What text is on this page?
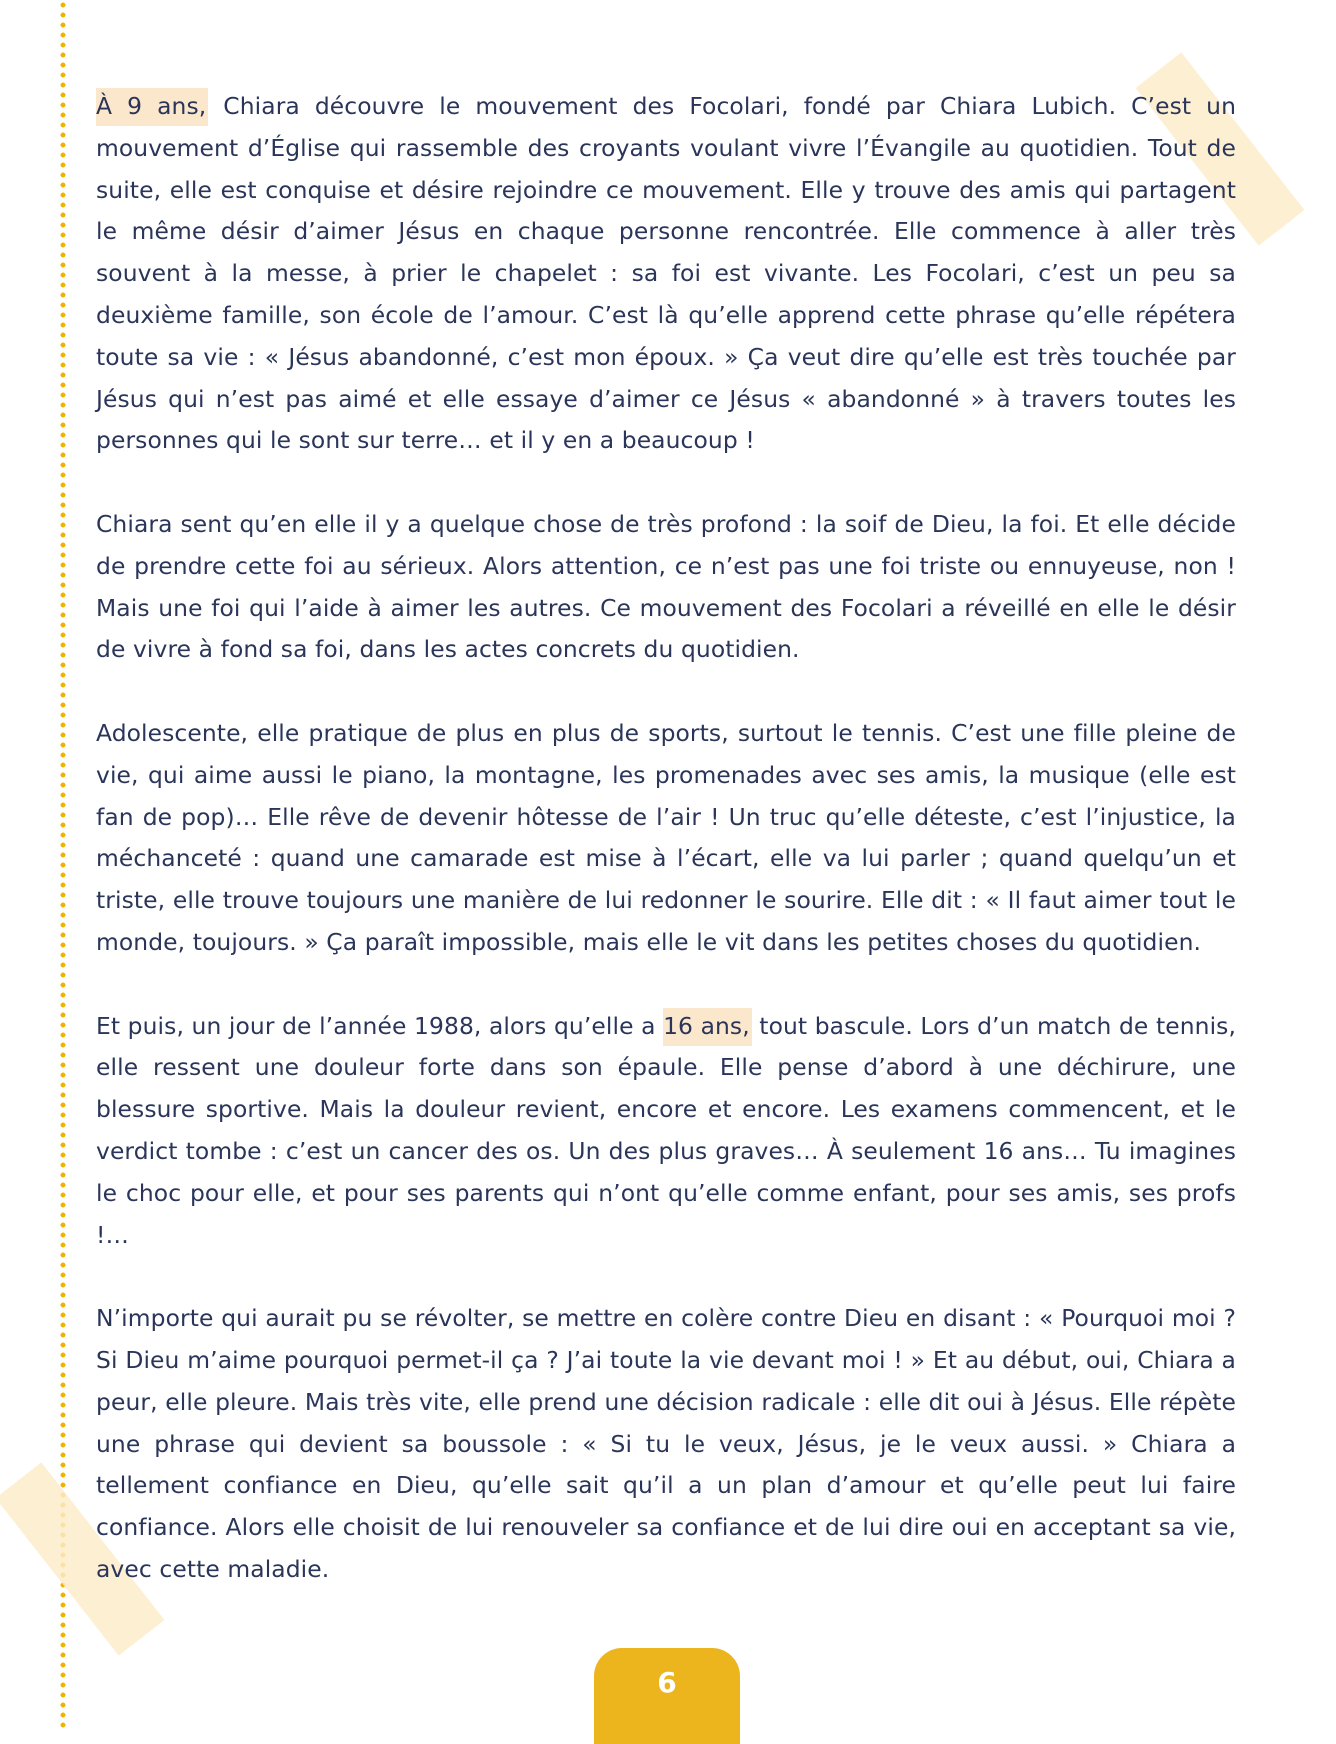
À 9 ans, Chiara découvre le mouvement des Focolari, fondé par Chiara Lubich. C’est un mouvement d’Église qui rassemble des croyants voulant vivre l’Évangile au quotidien. Tout de suite, elle est conquise et désire rejoindre ce mouvement. Elle y trouve des amis qui partagent le même désir d’aimer Jésus en chaque personne rencontrée. Elle commence à aller très souvent à la messe, à prier le chapelet : sa foi est vivante. Les Focolari, c’est un peu sa deuxième famille, son école de l’amour. C’est là qu’elle apprend cette phrase qu’elle répétera toute sa vie : « Jésus abandonné, c’est mon époux. » Ça veut dire qu’elle est très touchée par Jésus qui n’est pas aimé et elle essaye d’aimer ce Jésus « abandonné » à travers toutes les personnes qui le sont sur terre… et il y en a beaucoup !

Chiara sent qu’en elle il y a quelque chose de très profond : la soif de Dieu, la foi. Et elle décide de prendre cette foi au sérieux. Alors attention, ce n’est pas une foi triste ou ennuyeuse, non ! Mais une foi qui l’aide à aimer les autres. Ce mouvement des Focolari a réveillé en elle le désir de vivre à fond sa foi, dans les actes concrets du quotidien.

Adolescente, elle pratique de plus en plus de sports, surtout le tennis. C’est une fille pleine de vie, qui aime aussi le piano, la montagne, les promenades avec ses amis, la musique (elle est fan de pop)… Elle rêve de devenir hôtesse de l’air ! Un truc qu’elle déteste, c’est l’injustice, la méchanceté : quand une camarade est mise à l’écart, elle va lui parler ; quand quelqu’un et triste, elle trouve toujours une manière de lui redonner le sourire. Elle dit : « Il faut aimer tout le monde, toujours. » Ça paraît impossible, mais elle le vit dans les petites choses du quotidien.

Et puis, un jour de l’année 1988, alors qu’elle a 16 ans, tout bascule. Lors d’un match de tennis, elle ressent une douleur forte dans son épaule. Elle pense d’abord à une déchirure, une blessure sportive. Mais la douleur revient, encore et encore. Les examens commencent, et le verdict tombe : c’est un cancer des os. Un des plus graves… À seulement 16 ans… Tu imagines le choc pour elle, et pour ses parents qui n’ont qu’elle comme enfant, pour ses amis, ses profs !…

N’importe qui aurait pu se révolter, se mettre en colère contre Dieu en disant : « Pourquoi moi ? Si Dieu m’aime pourquoi permet-il ça ? J’ai toute la vie devant moi ! » Et au début, oui, Chiara a peur, elle pleure. Mais très vite, elle prend une décision radicale : elle dit oui à Jésus. Elle répète une phrase qui devient sa boussole : « Si tu le veux, Jésus, je le veux aussi. » Chiara a tellement confiance en Dieu, qu’elle sait qu’il a un plan d’amour et qu’elle peut lui faire confiance. Alors elle choisit de lui renouveler sa confiance et de lui dire oui en acceptant sa vie, avec cette maladie.

6
